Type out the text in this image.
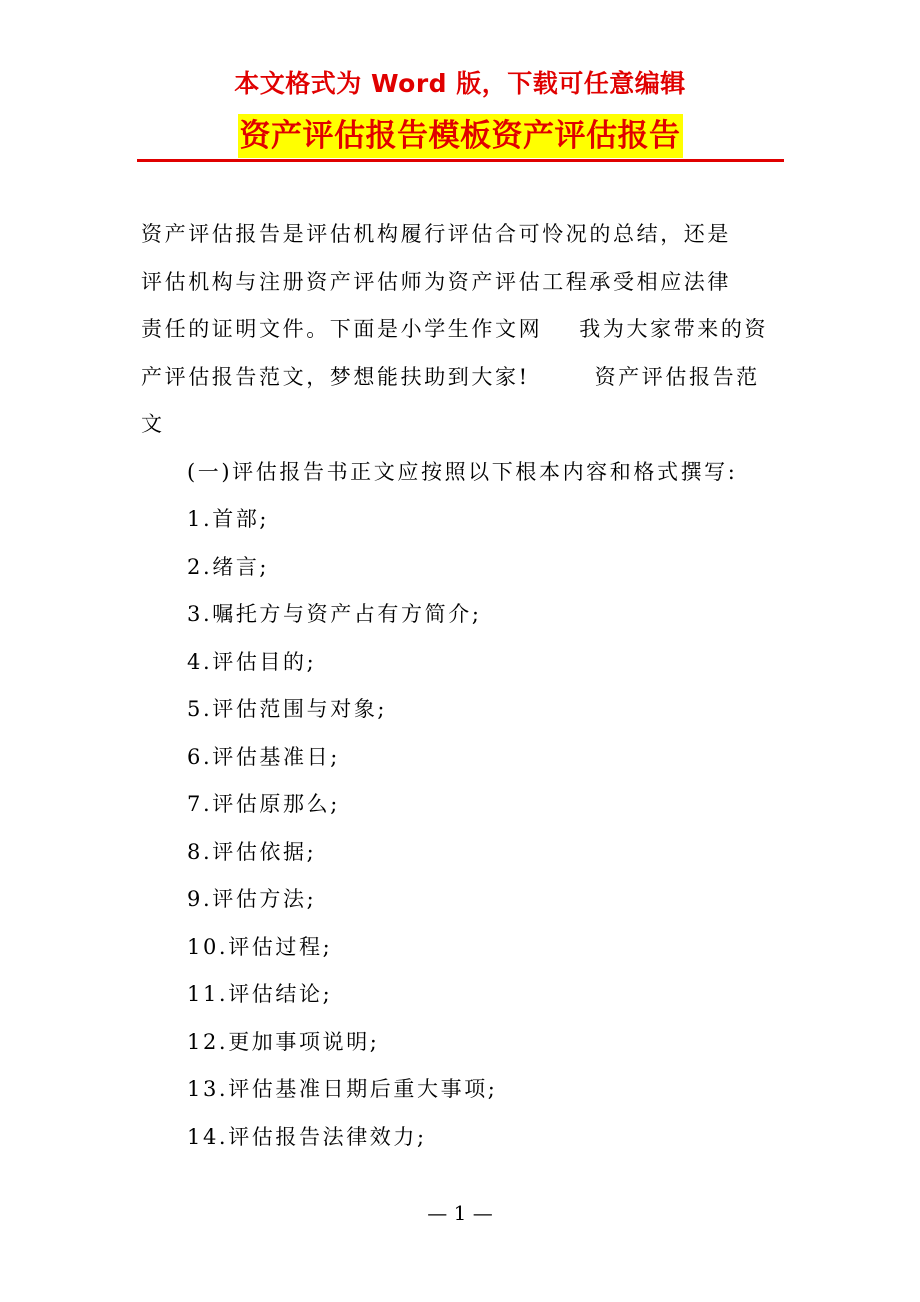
本文格式为 Word 版，下载可任意编辑
资产评估报告模板资产评估报告
资产评估报告是评估机构履行评估合可怜况的总结，还是
评估机构与注册资产评估师为资产评估工程承受相应法律
责任的证明文件。下面是小学生作文网    我为大家带来的资
产评估报告范文，梦想能扶助到大家!       资产评估报告范
文
(一)评估报告书正文应按照以下根本内容和格式撰写:
1.首部;
2.绪言;
3.嘱托方与资产占有方简介;
4.评估目的;
5.评估范围与对象;
6.评估基准日;
7.评估原那么;
8.评估依据;
9.评估方法;
10.评估过程;
11.评估结论;
12.更加事项说明;
13.评估基准日期后重大事项;
14.评估报告法律效力;
— 1 —
